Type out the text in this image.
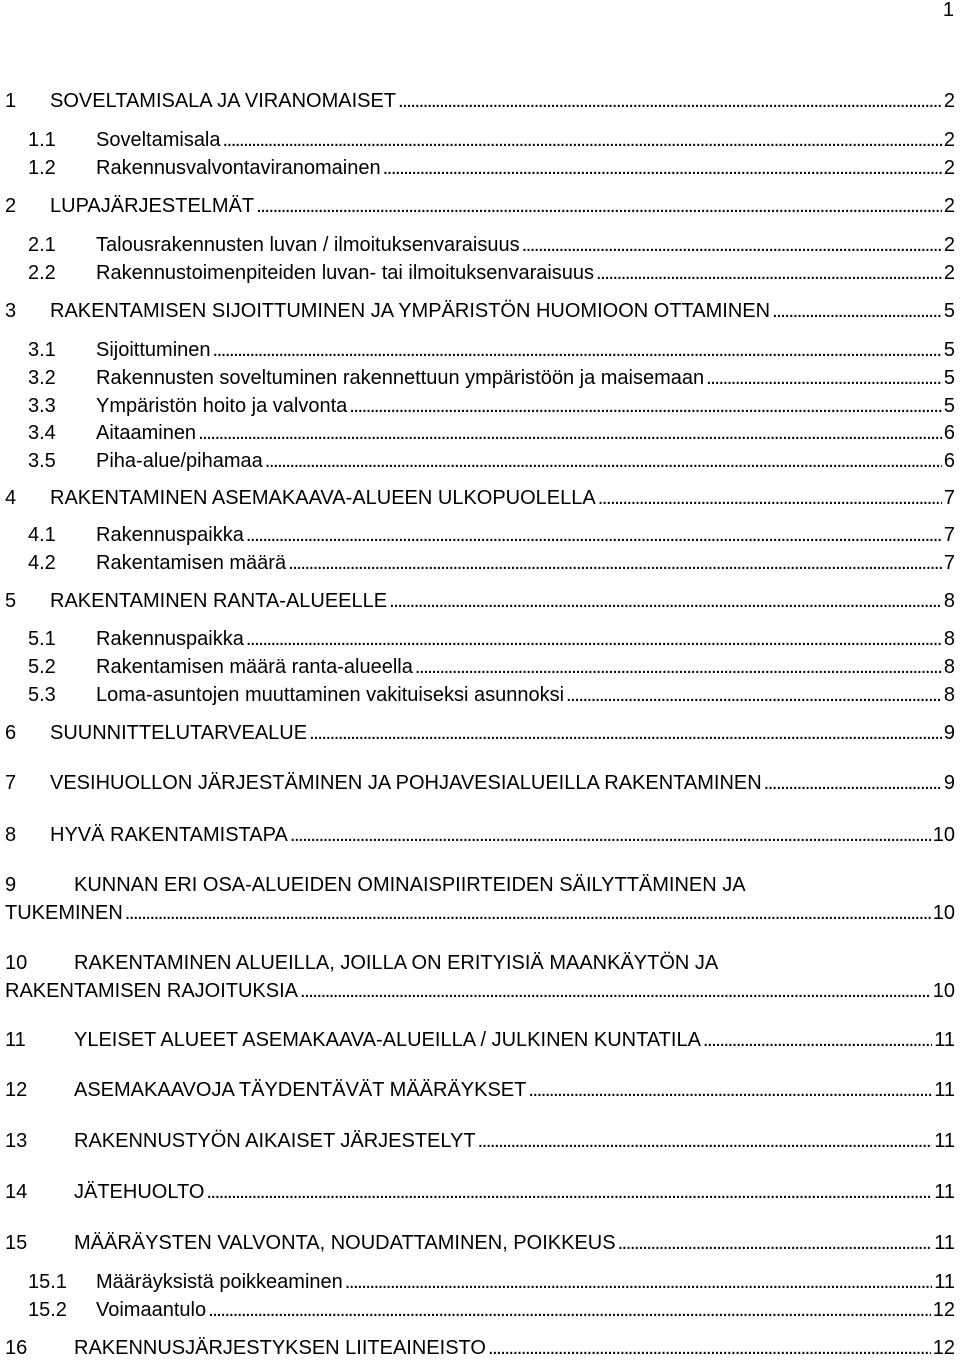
1
1	SOVELTAMISALA JA VIRANOMAISET . . .	2
1.1	Soveltamisala . . .	2
1.2	Rakennusvalvontaviranomainen . . .	2
2	LUPAJÄRJESTELMÄT . . .	2
2.1	Talousrakennusten luvan / ilmoituksenvaraisuus . . .	2
2.2	Rakennustoimenpiteiden luvan- tai ilmoituksenvaraisuus . . .	2
3	RAKENTAMISEN SIJOITTUMINEN JA YMPÄRISTÖN HUOMIOON OTTAMINEN . . .	5
3.1	Sijoittuminen . . .	5
3.2	Rakennusten soveltuminen rakennettuun ympäristöön ja maisemaan . . .	5
3.3	Ympäristön hoito ja valvonta . . .	5
3.4	Aitaaminen . . .	6
3.5	Piha-alue/pihamaa . . .	6
4	RAKENTAMINEN ASEMAKAAVA-ALUEEN ULKOPUOLELLA . . .	7
4.1	Rakennuspaikka . . .	7
4.2	Rakentamisen määrä . . .	7
5	RAKENTAMINEN RANTA-ALUEELLE . . .	8
5.1	Rakennuspaikka . . .	8
5.2	Rakentamisen määrä ranta-alueella . . .	8
5.3	Loma-asuntojen muuttaminen vakituiseksi asunnoksi . . .	8
6	SUUNNITTELUTARVEALUE . . .	9
7	VESIHUOLLON JÄRJESTÄMINEN JA POHJAVESIALUEILLA RAKENTAMINEN . . .	9
8	HYVÄ RAKENTAMISTAPA . . .	10
9	KUNNAN ERI OSA-ALUEIDEN OMINAISPIIRTEIDEN SÄILYTTÄMINEN JA
TUKEMINEN . . .	10
10 RAKENTAMINEN ALUEILLA, JOILLA ON ERITYISIÄ MAANKÄYTÖN JA
RAKENTAMISEN RAJOITUKSIA . . .	10
11	YLEISET ALUEET ASEMAKAAVA-ALUEILLA / JULKINEN KUNTATILA . . .	11
12	ASEMAKAAVOJA TÄYDENTÄVÄT MÄÄRÄYKSET . . .	11
13	RAKENNUSTYÖN AIKAISET JÄRJESTELYT . . .	11
14	JÄTEHUOLTO . . .	11
15	MÄÄRÄYSTEN VALVONTA, NOUDATTAMINEN, POIKKEUS . . .	11
15.1	Määräyksistä poikkeaminen . . .	11
15.2	Voimaantulo . . .	12
16	RAKENNUSJÄRJESTYKSEN LIITEAINEISTO . . .	12
